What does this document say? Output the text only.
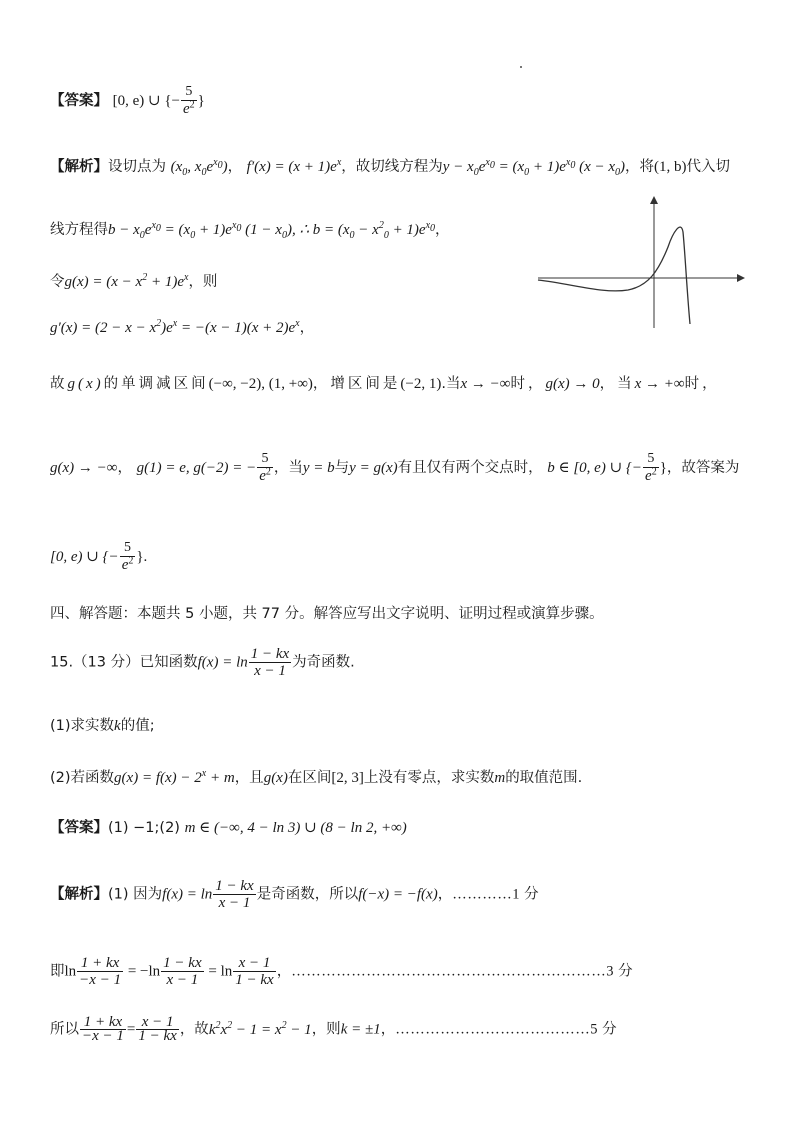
【答案】 [0, e) ∪ {− $\frac{5}{e^2}$ }
【解析】设切点为 ($x_0$, $x_0e^{x_0}$)， $f'(x) = (x + 1)e^x$，故切线方程为$y - x_0e^{x_0} = (x_0 + 1)e^{x_0}$ $(x - x_0)$，将(1, b)代入切
线方程得$b - x_0e^{x_0} = (x_0 + 1)e^{x_0}$ $(1 - x_0)$, ∴ $b = (x_0 - x^2_0 + 1)e^{x_0}$，
令$g(x) = (x - x^2 + 1)e^x$，则
$g'(x) = (2 - x - x^2)e^x = -(x - 1)(x + 2)e^x$，
故g(x)的单调减区间(−∞, −2), (1, +∞)，增区间是(−2, 1).当x → −∞时，g(x) → 0，当x → +∞时，
g(x) → −∞， g(1) = e, g(−2) = − $\frac{5}{e^2}$ ，当y = b与y = g(x)有且仅有两个交点时， b ∈ [0, e) ∪ {− $\frac{5}{e^2}$ }，故答案为
[0, e) ∪ {− $\frac{5}{e^2}$ }.
四、解答题：本题共 5 小题，共 77 分。解答应写出文字说明、证明过程或演算步骤。
15.（13 分）已知函数$f(x) = \ln \frac{1 - kx}{x - 1}$ 为奇函数.
(1)求实数k的值;
(2)若函数$g(x) = f(x) - 2^x + m$，且g(x)在区间[2, 3]上没有零点，求实数m的取值范围.
【答案】(1) −1;(2) m ∈ (−∞, 4 − ln 3) ∪ (8 − ln 2, +∞)
【解析】(1) 因为$f(x) = \ln \frac{1 - kx}{x - 1}$ 是奇函数，所以f(−x) = −f(x)，…………1 分
即$\ln \frac{1 + kx}{-x - 1} = -\ln \frac{1 - kx}{x - 1} = \ln \frac{x - 1}{1 - kx}$ ，………………………………………………………3 分
所以 $\frac{1 + kx}{-x - 1} = \frac{x - 1}{1 - kx}$ ，故$k^2x^2 - 1 = x^2 - 1$，则k = ±1，…………………………………5 分
